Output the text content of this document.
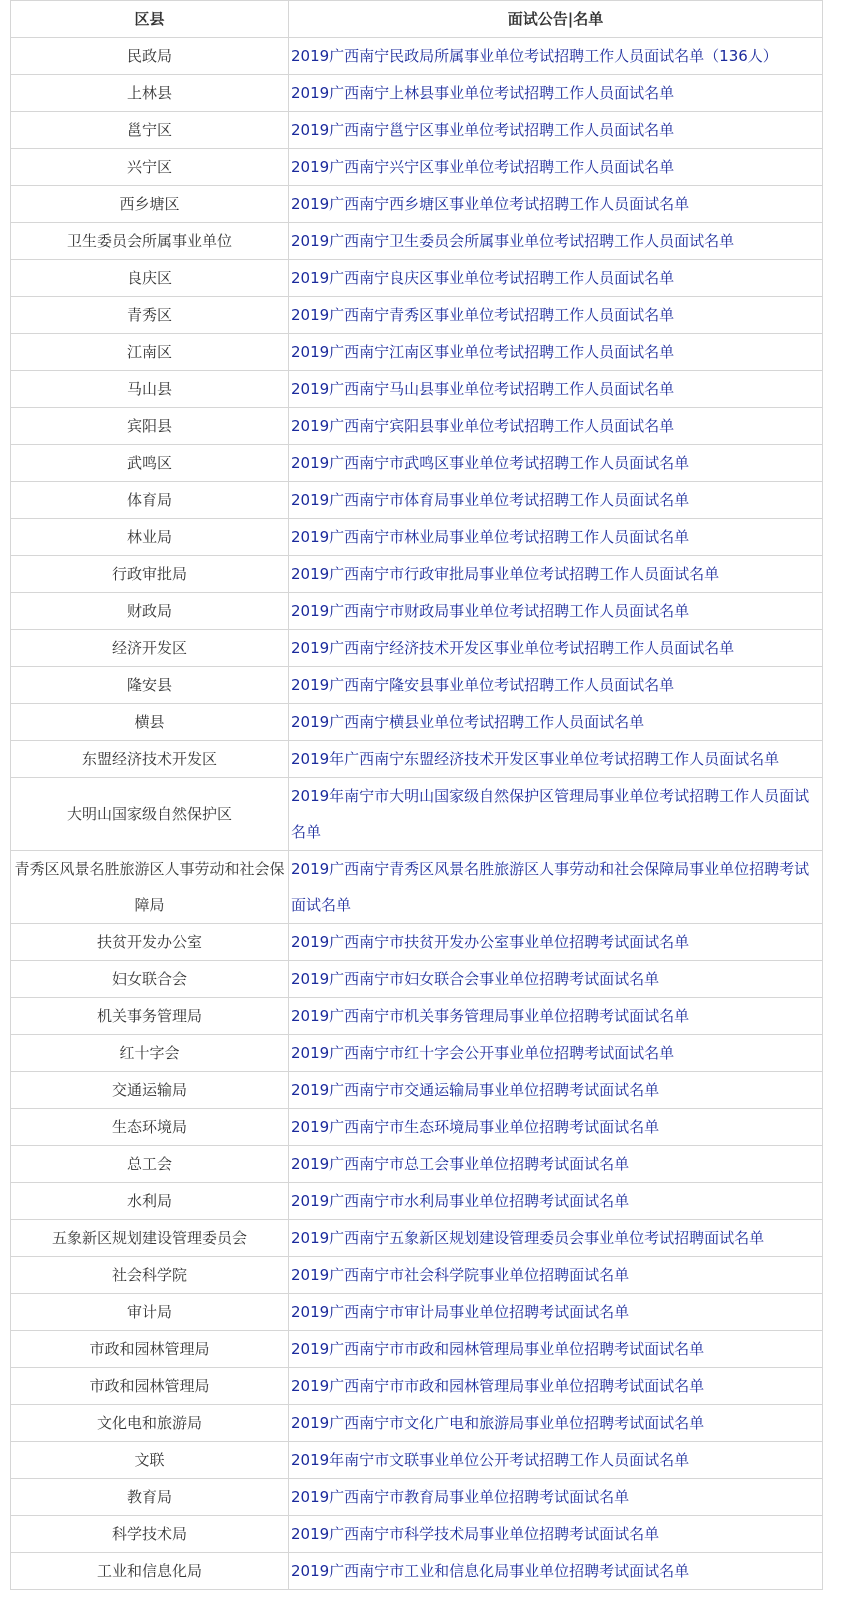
区县	面试公告|名单
民政局	2019广西南宁民政局所属事业单位考试招聘工作人员面试名单（136人）
上林县	2019广西南宁上林县事业单位考试招聘工作人员面试名单
邕宁区	2019广西南宁邕宁区事业单位考试招聘工作人员面试名单
兴宁区	2019广西南宁兴宁区事业单位考试招聘工作人员面试名单
西乡塘区	2019广西南宁西乡塘区事业单位考试招聘工作人员面试名单
卫生委员会所属事业单位	2019广西南宁卫生委员会所属事业单位考试招聘工作人员面试名单
良庆区	2019广西南宁良庆区事业单位考试招聘工作人员面试名单
青秀区	2019广西南宁青秀区事业单位考试招聘工作人员面试名单
江南区	2019广西南宁江南区事业单位考试招聘工作人员面试名单
马山县	2019广西南宁马山县事业单位考试招聘工作人员面试名单
宾阳县	2019广西南宁宾阳县事业单位考试招聘工作人员面试名单
武鸣区	2019广西南宁市武鸣区事业单位考试招聘工作人员面试名单
体育局	2019广西南宁市体育局事业单位考试招聘工作人员面试名单
林业局	2019广西南宁市林业局事业单位考试招聘工作人员面试名单
行政审批局	2019广西南宁市行政审批局事业单位考试招聘工作人员面试名单
财政局	2019广西南宁市财政局事业单位考试招聘工作人员面试名单
经济开发区	2019广西南宁经济技术开发区事业单位考试招聘工作人员面试名单
隆安县	2019广西南宁隆安县事业单位考试招聘工作人员面试名单
横县	2019广西南宁横县业单位考试招聘工作人员面试名单
东盟经济技术开发区	2019年广西南宁东盟经济技术开发区事业单位考试招聘工作人员面试名单
大明山国家级自然保护区	2019年南宁市大明山国家级自然保护区管理局事业单位考试招聘工作人员面试名单
青秀区风景名胜旅游区人事劳动和社会保障局	2019广西南宁青秀区风景名胜旅游区人事劳动和社会保障局事业单位招聘考试面试名单
扶贫开发办公室	2019广西南宁市扶贫开发办公室事业单位招聘考试面试名单
妇女联合会	2019广西南宁市妇女联合会事业单位招聘考试面试名单
机关事务管理局	2019广西南宁市机关事务管理局事业单位招聘考试面试名单
红十字会	2019广西南宁市红十字会公开事业单位招聘考试面试名单
交通运输局	2019广西南宁市交通运输局事业单位招聘考试面试名单
生态环境局	2019广西南宁市生态环境局事业单位招聘考试面试名单
总工会	2019广西南宁市总工会事业单位招聘考试面试名单
水利局	2019广西南宁市水利局事业单位招聘考试面试名单
五象新区规划建设管理委员会	2019广西南宁五象新区规划建设管理委员会事业单位考试招聘面试名单
社会科学院	2019广西南宁市社会科学院事业单位招聘面试名单
审计局	2019广西南宁市审计局事业单位招聘考试面试名单
市政和园林管理局	2019广西南宁市市政和园林管理局事业单位招聘考试面试名单
市政和园林管理局	2019广西南宁市市政和园林管理局事业单位招聘考试面试名单
文化电和旅游局	2019广西南宁市文化广电和旅游局事业单位招聘考试面试名单
文联	2019年南宁市文联事业单位公开考试招聘工作人员面试名单
教育局	2019广西南宁市教育局事业单位招聘考试面试名单
科学技术局	2019广西南宁市科学技术局事业单位招聘考试面试名单
工业和信息化局	2019广西南宁市工业和信息化局事业单位招聘考试面试名单
